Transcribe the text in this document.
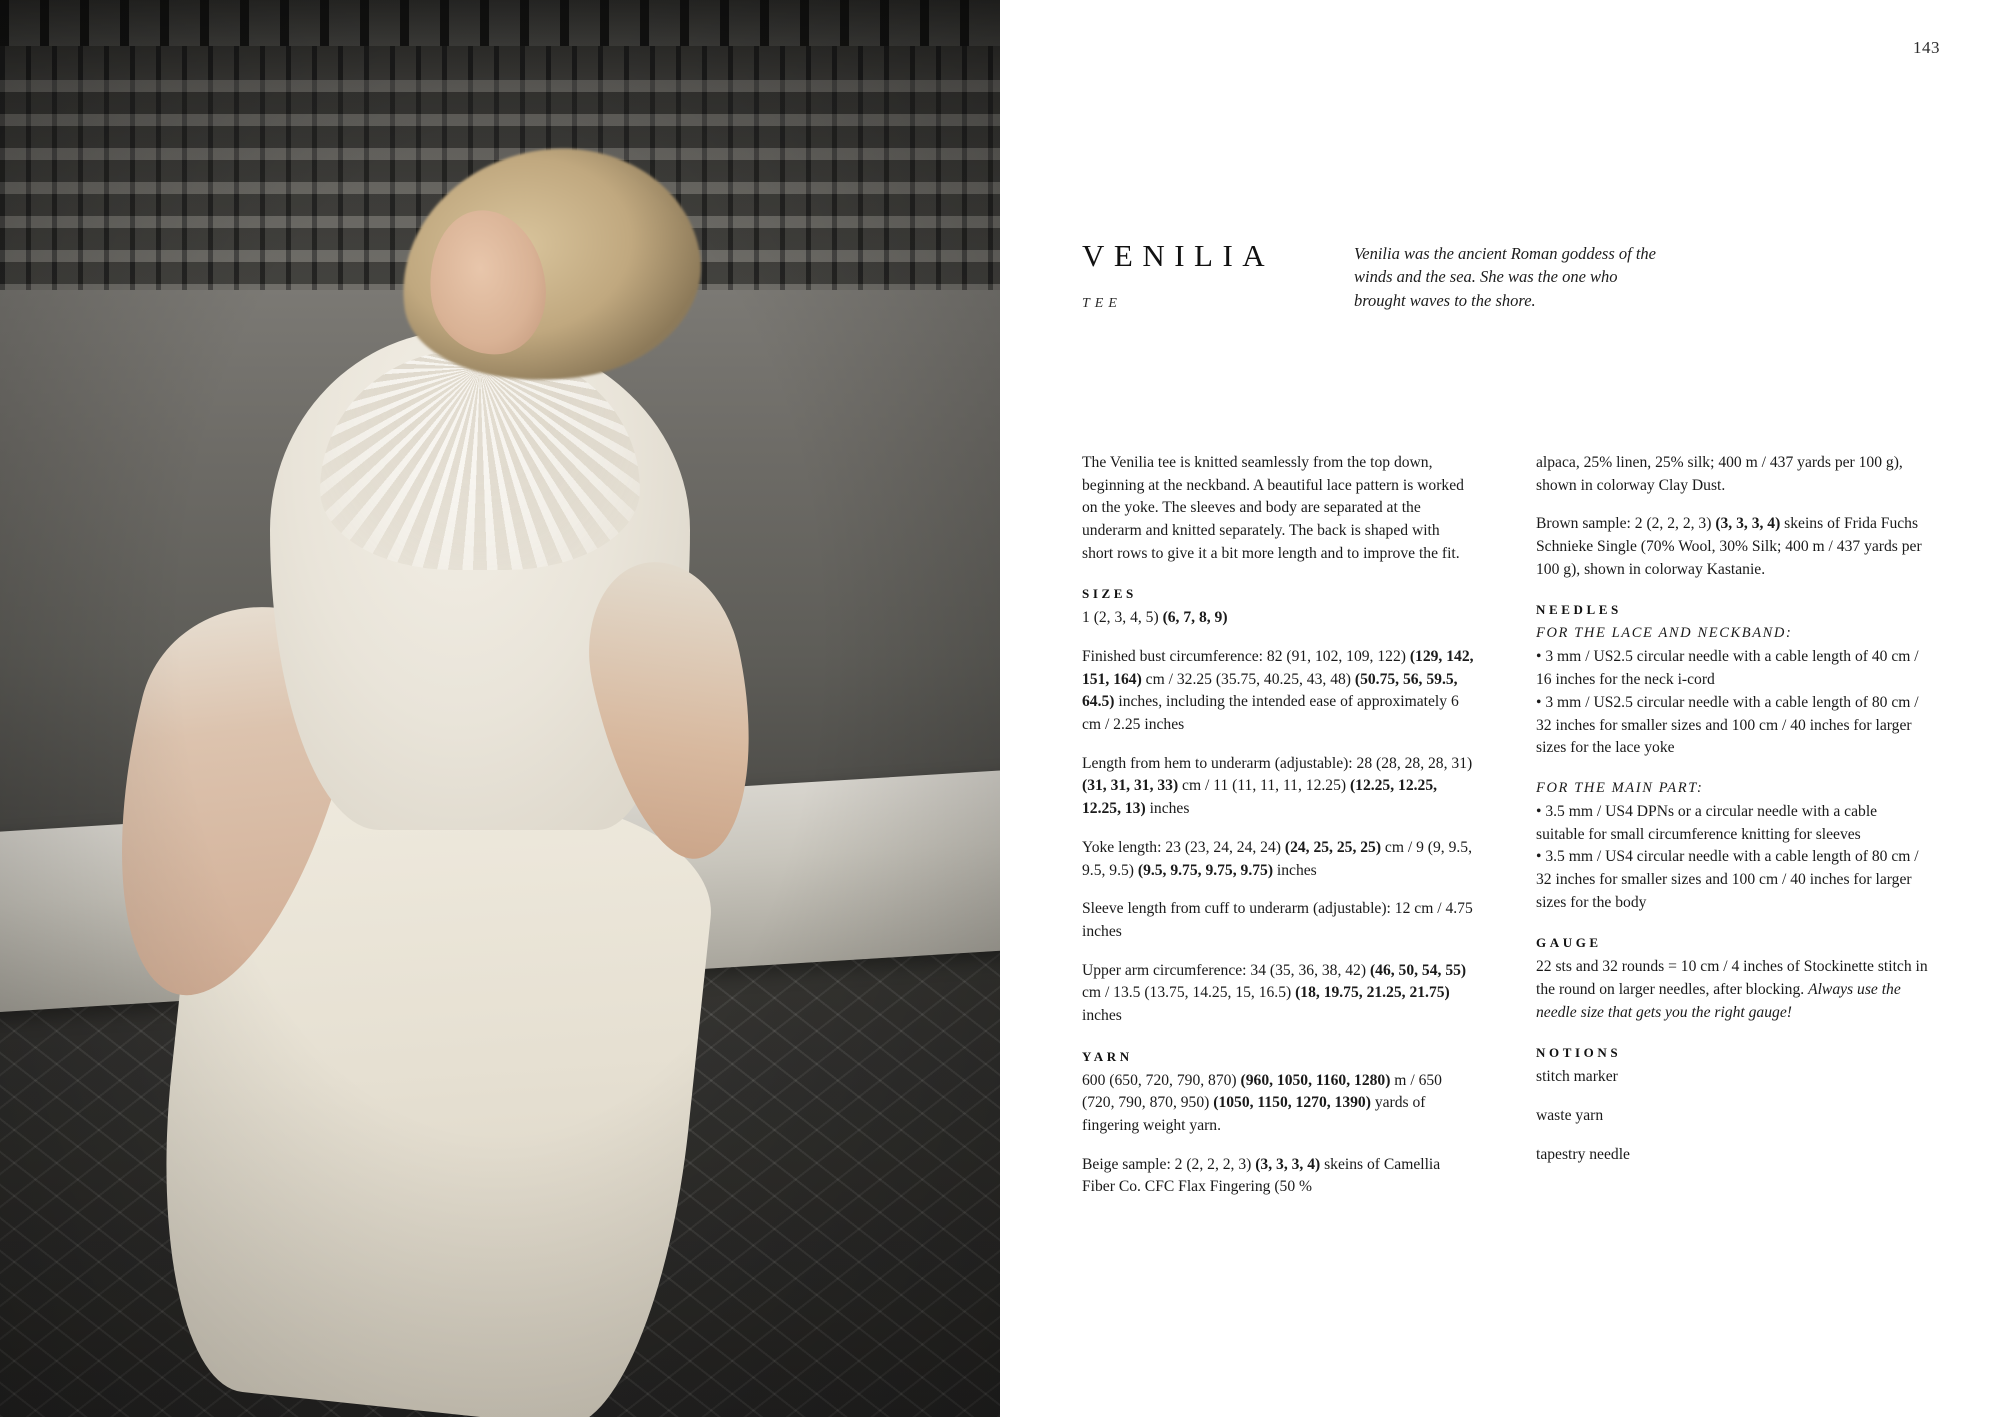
143
VENILIA
TEE
Venilia was the ancient Roman goddess of the winds and the sea. She was the one who brought waves to the shore.

The Venilia tee is knitted seamlessly from the top down, beginning at the neckband. A beautiful lace pattern is worked on the yoke. The sleeves and body are separated at the underarm and knitted separately. The back is shaped with short rows to give it a bit more length and to improve the fit.

SIZES

1 (2, 3, 4, 5) (6, 7, 8, 9)

Finished bust circumference: 82 (91, 102, 109, 122) (129, 142, 151, 164) cm / 32.25 (35.75, 40.25, 43, 48) (50.75, 56, 59.5, 64.5) inches, including the intended ease of approximately 6 cm / 2.25 inches

Length from hem to underarm (adjustable): 28 (28, 28, 28, 31) (31, 31, 31, 33) cm / 11 (11, 11, 11, 12.25) (12.25, 12.25, 12.25, 13) inches

Yoke length: 23 (23, 24, 24, 24) (24, 25, 25, 25) cm / 9 (9, 9.5, 9.5, 9.5) (9.5, 9.75, 9.75, 9.75) inches

Sleeve length from cuff to underarm (adjustable): 12 cm / 4.75 inches

Upper arm circumference: 34 (35, 36, 38, 42) (46, 50, 54, 55) cm / 13.5 (13.75, 14.25, 15, 16.5) (18, 19.75, 21.25, 21.75) inches

YARN

600 (650, 720, 790, 870) (960, 1050, 1160, 1280) m / 650 (720, 790, 870, 950) (1050, 1150, 1270, 1390) yards of fingering weight yarn.

Beige sample: 2 (2, 2, 2, 3) (3, 3, 3, 4) skeins of Camellia Fiber Co. CFC Flax Fingering (50 %

alpaca, 25% linen, 25% silk; 400 m / 437 yards per 100 g), shown in colorway Clay Dust.

Brown sample: 2 (2, 2, 2, 3) (3, 3, 3, 4) skeins of Frida Fuchs Schnieke Single (70% Wool, 30% Silk; 400 m / 437 yards per 100 g), shown in colorway Kastanie.

NEEDLES
FOR THE LACE AND NECKBAND:
• 3 mm / US2.5 circular needle with a cable length of 40 cm / 16 inches for the neck i-cord
• 3 mm / US2.5 circular needle with a cable length of 80 cm / 32 inches for smaller sizes and 100 cm / 40 inches for larger sizes for the lace yoke
FOR THE MAIN PART:
• 3.5 mm / US4 DPNs or a circular needle with a cable suitable for small circumference knitting for sleeves
• 3.5 mm / US4 circular needle with a cable length of 80 cm / 32 inches for smaller sizes and 100 cm / 40 inches for larger sizes for the body
GAUGE

22 sts and 32 rounds = 10 cm / 4 inches of Stockinette stitch in the round on larger needles, after blocking. Always use the needle size that gets you the right gauge!

NOTIONS

stitch marker

waste yarn

tapestry needle
